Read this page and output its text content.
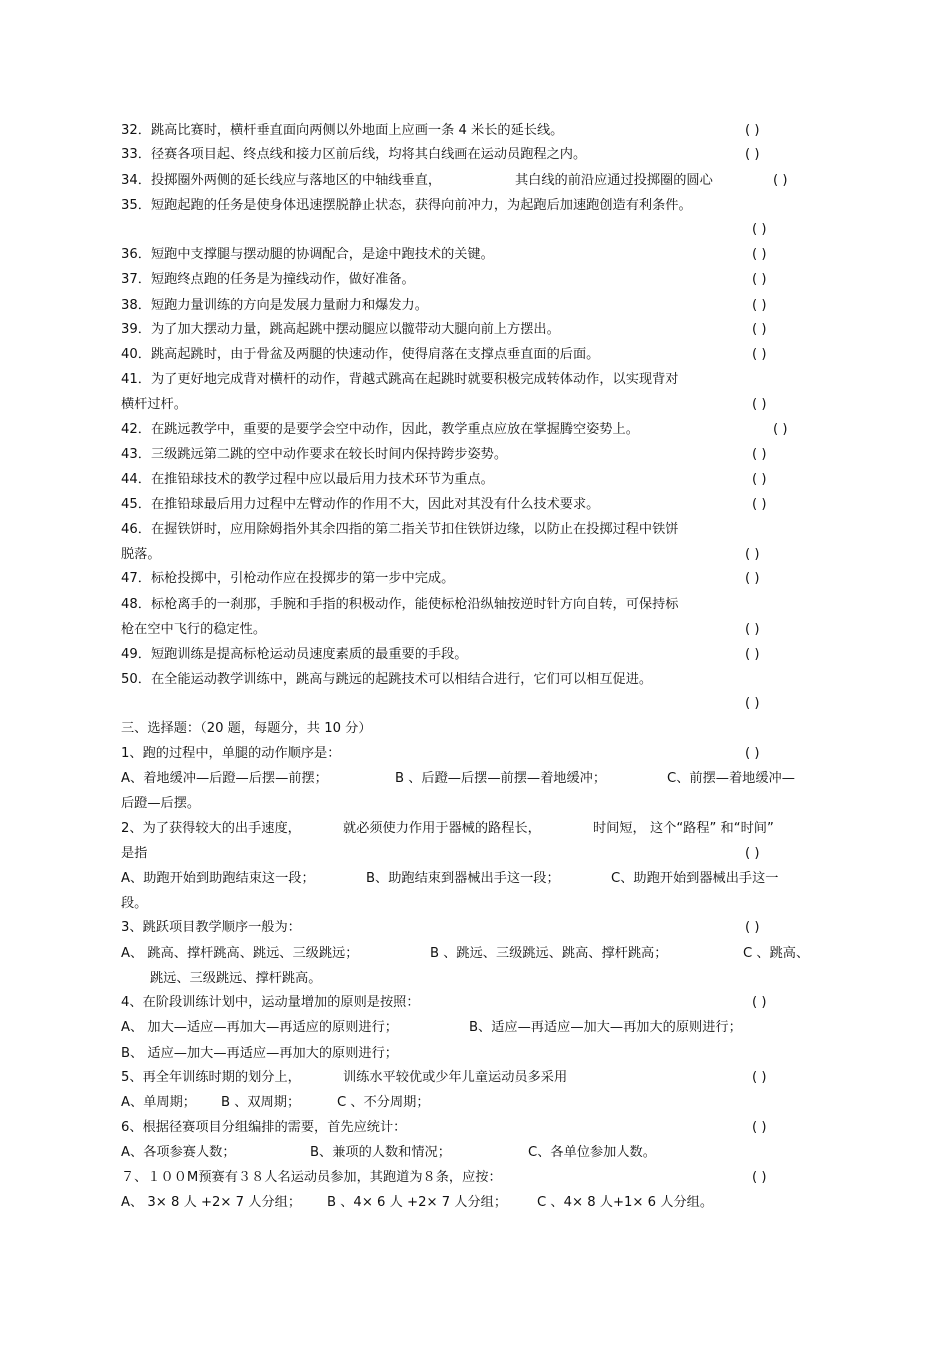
32．跳高比赛时，横杆垂直面向两侧以外地面上应画一条 4 米长的延长线。	( )
33．径赛各项目起、终点线和接力区前后线，均将其白线画在运动员跑程之内。	( )
34．投掷圈外两侧的延长线应与落地区的中轴线垂直，	其白线的前沿应通过投掷圈的圆心	( )
35．短跑起跑的任务是使身体迅速摆脱静止状态，获得向前冲力，为起跑后加速跑创造有利条件。
( )
36．短跑中支撑腿与摆动腿的协调配合，是途中跑技术的关键。	( )
37．短跑终点跑的任务是为撞线动作，做好准备。	( )
38．短跑力量训练的方向是发展力量耐力和爆发力。	( )
39．为了加大摆动力量，跳高起跳中摆动腿应以髋带动大腿向前上方摆出。	( )
40．跳高起跳时，由于骨盆及两腿的快速动作，使得肩落在支撑点垂直面的后面。	( )
41．为了更好地完成背对横杆的动作，背越式跳高在起跳时就要积极完成转体动作，以实现背对
横杆过杆。	( )
42．在跳远教学中，重要的是要学会空中动作，因此，教学重点应放在掌握腾空姿势上。	( )
43．三级跳远第二跳的空中动作要求在较长时间内保持跨步姿势。	( )
44．在推铅球技术的教学过程中应以最后用力技术环节为重点。	( )
45．在推铅球最后用力过程中左臂动作的作用不大，因此对其没有什么技术要求。	( )
46．在握铁饼时，应用除姆指外其余四指的第二指关节扣住铁饼边缘，以防止在投掷过程中铁饼
脱落。	( )
47．标枪投掷中，引枪动作应在投掷步的第一步中完成。	( )
48．标枪离手的一刹那，手腕和手指的积极动作，能使标枪沿纵轴按逆时针方向自转，可保持标
枪在空中飞行的稳定性。	( )
49．短跑训练是提高标枪运动员速度素质的最重要的手段。	( )
50．在全能运动教学训练中，跳高与跳远的起跳技术可以相结合进行，它们可以相互促进。
( )
三、选择题：（20 题，每题分，共 10 分）
1、跑的过程中，单腿的动作顺序是：	( )
A、着地缓冲—后蹬—后摆—前摆；	B 、后蹬—后摆—前摆—着地缓冲；	C、前摆—着地缓冲—
后蹬—后摆。
2、为了获得较大的出手速度，	就必须使力作用于器械的路程长，	时间短， 这个“路程” 和“时间”
是指	( )
A、助跑开始到助跑结束这一段；	B、助跑结束到器械出手这一段；	C、助跑开始到器械出手这一
段。
3、跳跃项目教学顺序一般为：	( )
A、 跳高、撑杆跳高、跳远、三级跳远；	B 、跳远、三级跳远、跳高、撑杆跳高；	C 、跳高、
跳远、三级跳远、撑杆跳高。
4、在阶段训练计划中，运动量增加的原则是按照：	( )
A、 加大—适应—再加大—再适应的原则进行；	B、适应—再适应—加大—再加大的原则进行；
B、 适应—加大—再适应—再加大的原则进行；
5、再全年训练时期的划分上，	训练水平较优或少年儿童运动员多采用	( )
A、单周期； B 、双周期；	C 、不分周期；
6、根据径赛项目分组编排的需要，首先应统计：	( )
A、各项参赛人数；	B、兼项的人数和情况；	C、各单位参加人数。
７、１００M预赛有３８人名运动员参加，其跑道为８条，应按：	( )
A、 3× 8 人 +2× 7 人分组； B 、4× 6 人 +2× 7 人分组； C 、4× 8 人+1× 6 人分组。
